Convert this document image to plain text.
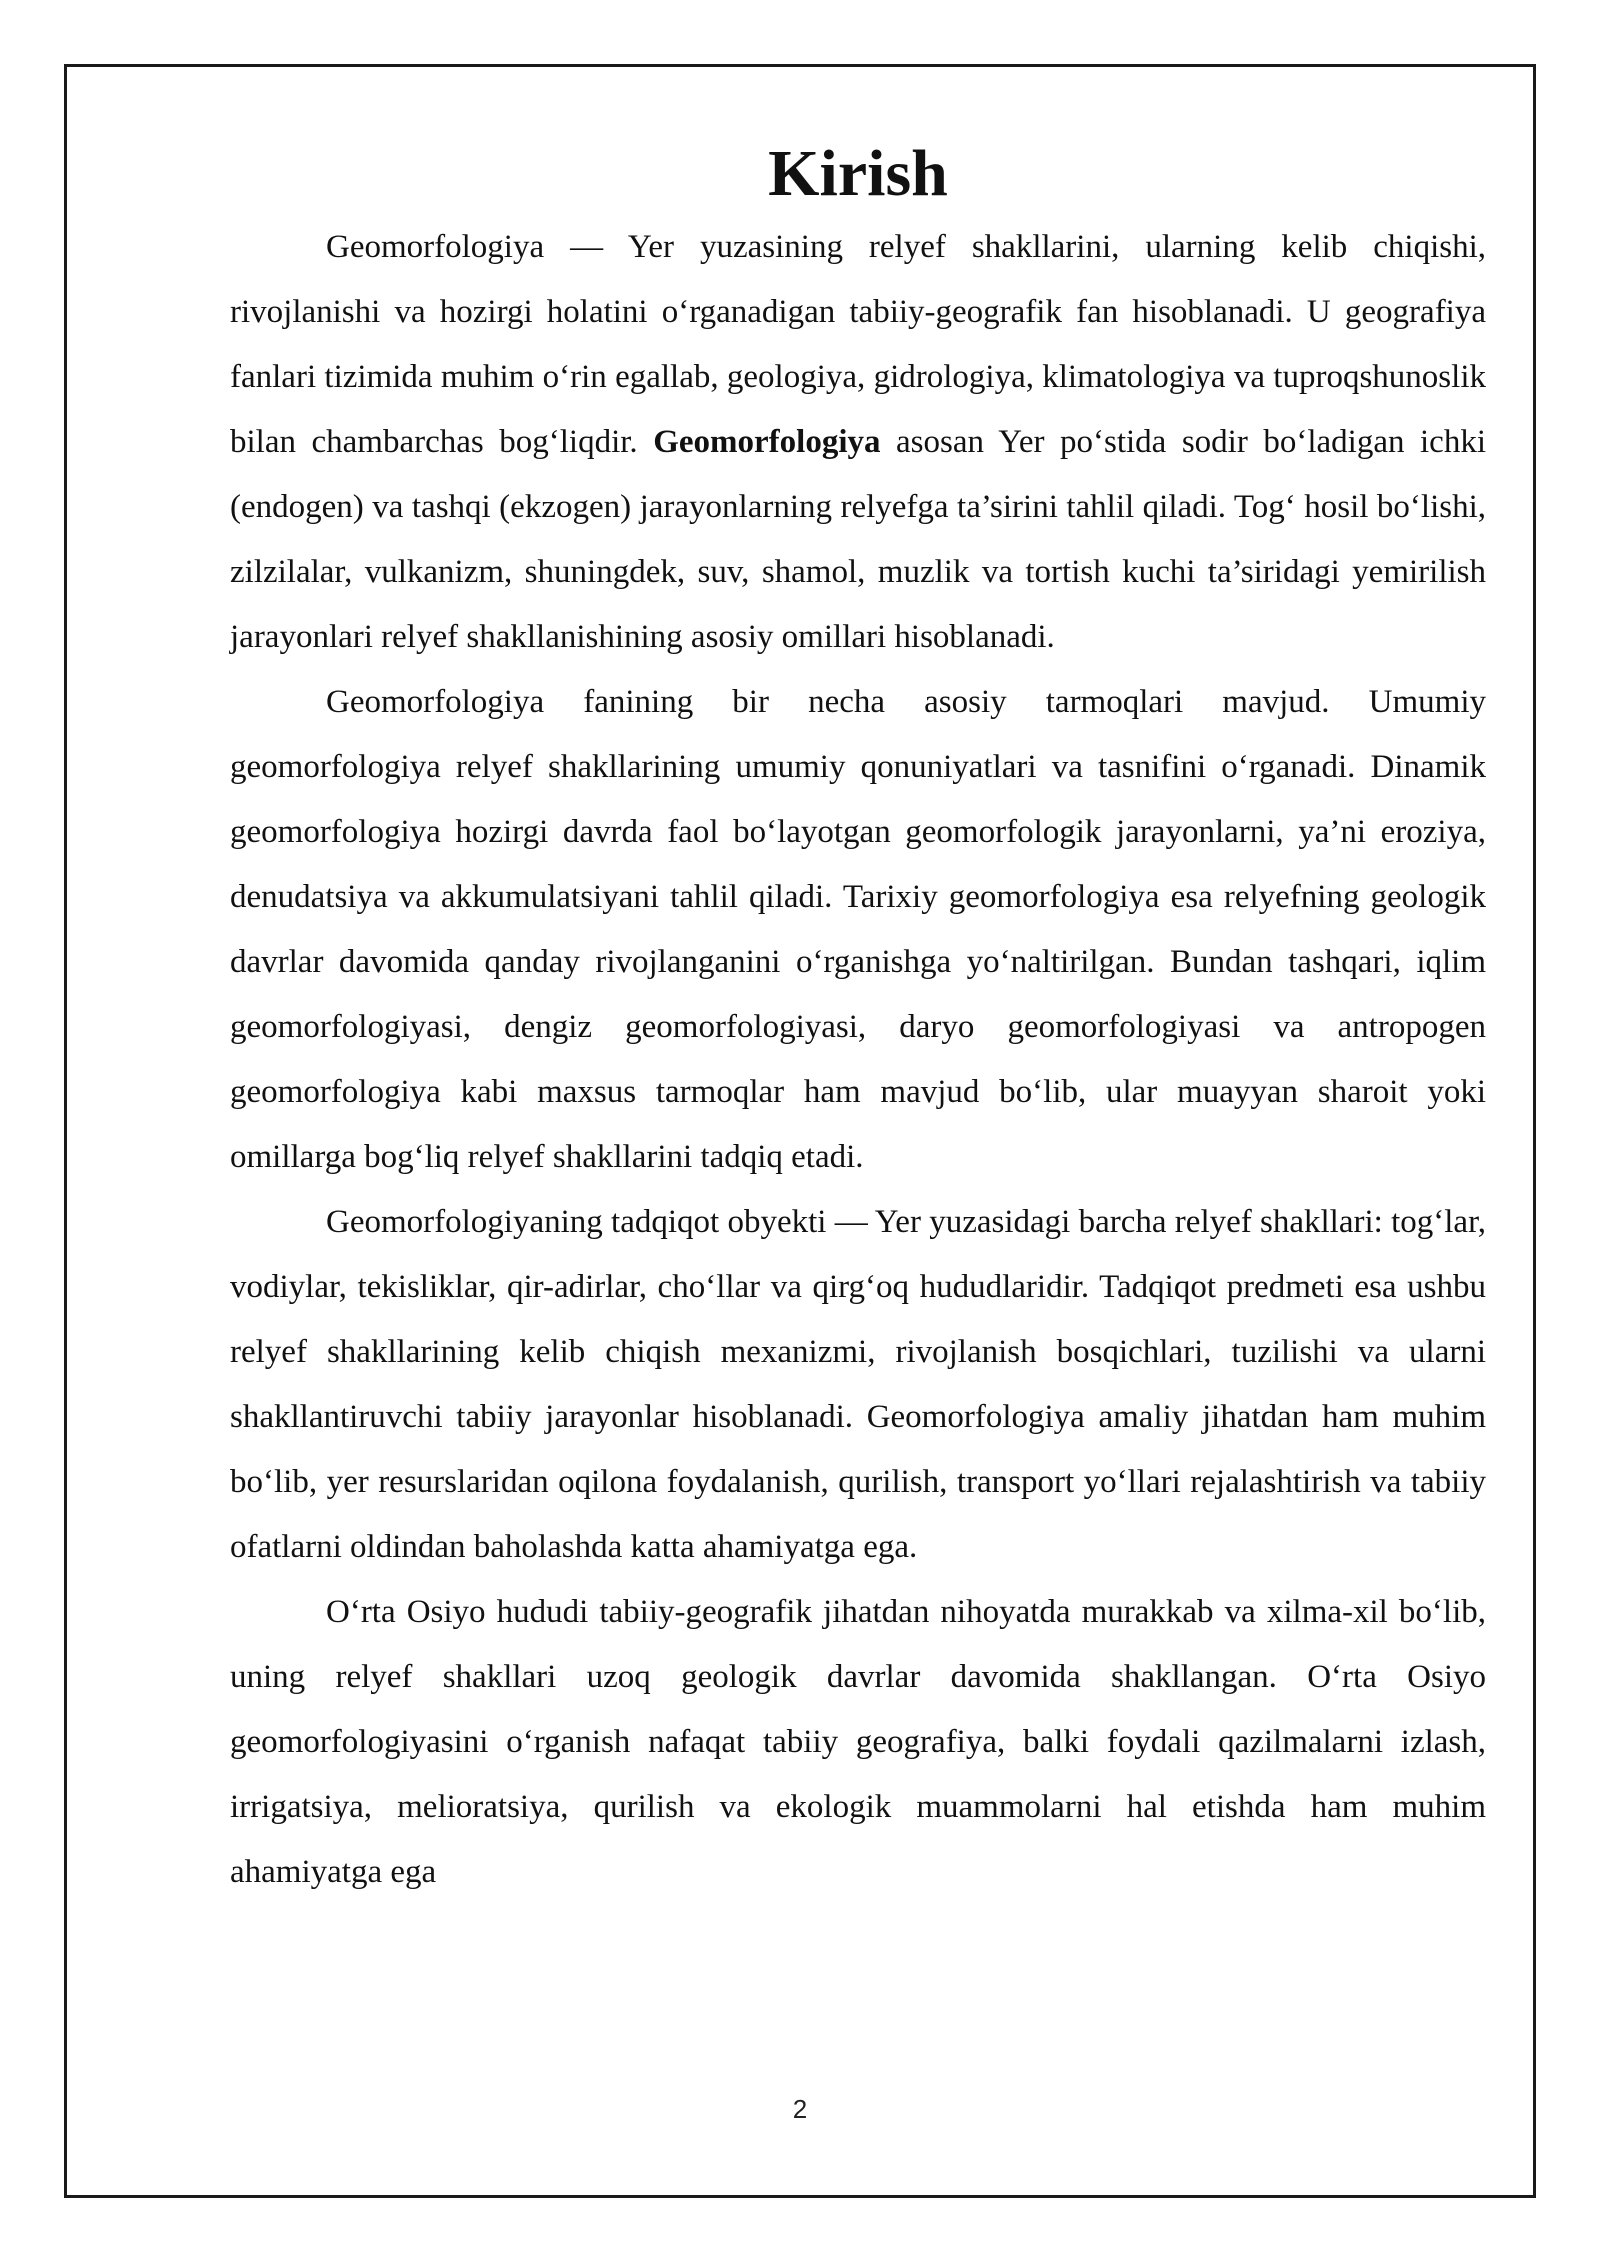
Kirish

Geomorfologiya — Yer yuzasining relyef shakllarini, ularning kelib chiqishi, rivojlanishi va hozirgi holatini o‘rganadigan tabiiy-geografik fan hisoblanadi. U geografiya fanlari tizimida muhim o‘rin egallab, geologiya, gidrologiya, klimatologiya va tuproqshunoslik bilan chambarchas bog‘liqdir. Geomorfologiya asosan Yer po‘stida sodir bo‘ladigan ichki (endogen) va tashqi (ekzogen) jarayonlarning relyefga ta’sirini tahlil qiladi. Tog‘ hosil bo‘lishi, zilzilalar, vulkanizm, shuningdek, suv, shamol, muzlik va tortish kuchi ta’siridagi yemirilish jarayonlari relyef shakllanishining asosiy omillari hisoblanadi.

Geomorfologiya fanining bir necha asosiy tarmoqlari mavjud. Umumiy geomorfologiya relyef shakllarining umumiy qonuniyatlari va tasnifini o‘rganadi. Dinamik geomorfologiya hozirgi davrda faol bo‘layotgan geomorfologik jarayonlarni, ya’ni eroziya, denudatsiya va akkumulatsiyani tahlil qiladi. Tarixiy geomorfologiya esa relyefning geologik davrlar davomida qanday rivojlanganini o‘rganishga yo‘naltirilgan. Bundan tashqari, iqlim geomorfologiyasi, dengiz geomorfologiyasi, daryo geomorfologiyasi va antropogen geomorfologiya kabi maxsus tarmoqlar ham mavjud bo‘lib, ular muayyan sharoit yoki omillarga bog‘liq relyef shakllarini tadqiq etadi.

Geomorfologiyaning tadqiqot obyekti — Yer yuzasidagi barcha relyef shakllari: tog‘lar, vodiylar, tekisliklar, qir-adirlar, cho‘llar va qirg‘oq hududlaridir. Tadqiqot predmeti esa ushbu relyef shakllarining kelib chiqish mexanizmi, rivojlanish bosqichlari, tuzilishi va ularni shakllantiruvchi tabiiy jarayonlar hisoblanadi. Geomorfologiya amaliy jihatdan ham muhim bo‘lib, yer resurslaridan oqilona foydalanish, qurilish, transport yo‘llari rejalashtirish va tabiiy ofatlarni oldindan baholashda katta ahamiyatga ega.

O‘rta Osiyo hududi tabiiy-geografik jihatdan nihoyatda murakkab va xilma-xil bo‘lib, uning relyef shakllari uzoq geologik davrlar davomida shakllangan. O‘rta Osiyo geomorfologiyasini o‘rganish nafaqat tabiiy geografiya, balki foydali qazilmalarni izlash, irrigatsiya, melioratsiya, qurilish va ekologik muammolarni hal etishda ham muhim ahamiyatga ega

2
